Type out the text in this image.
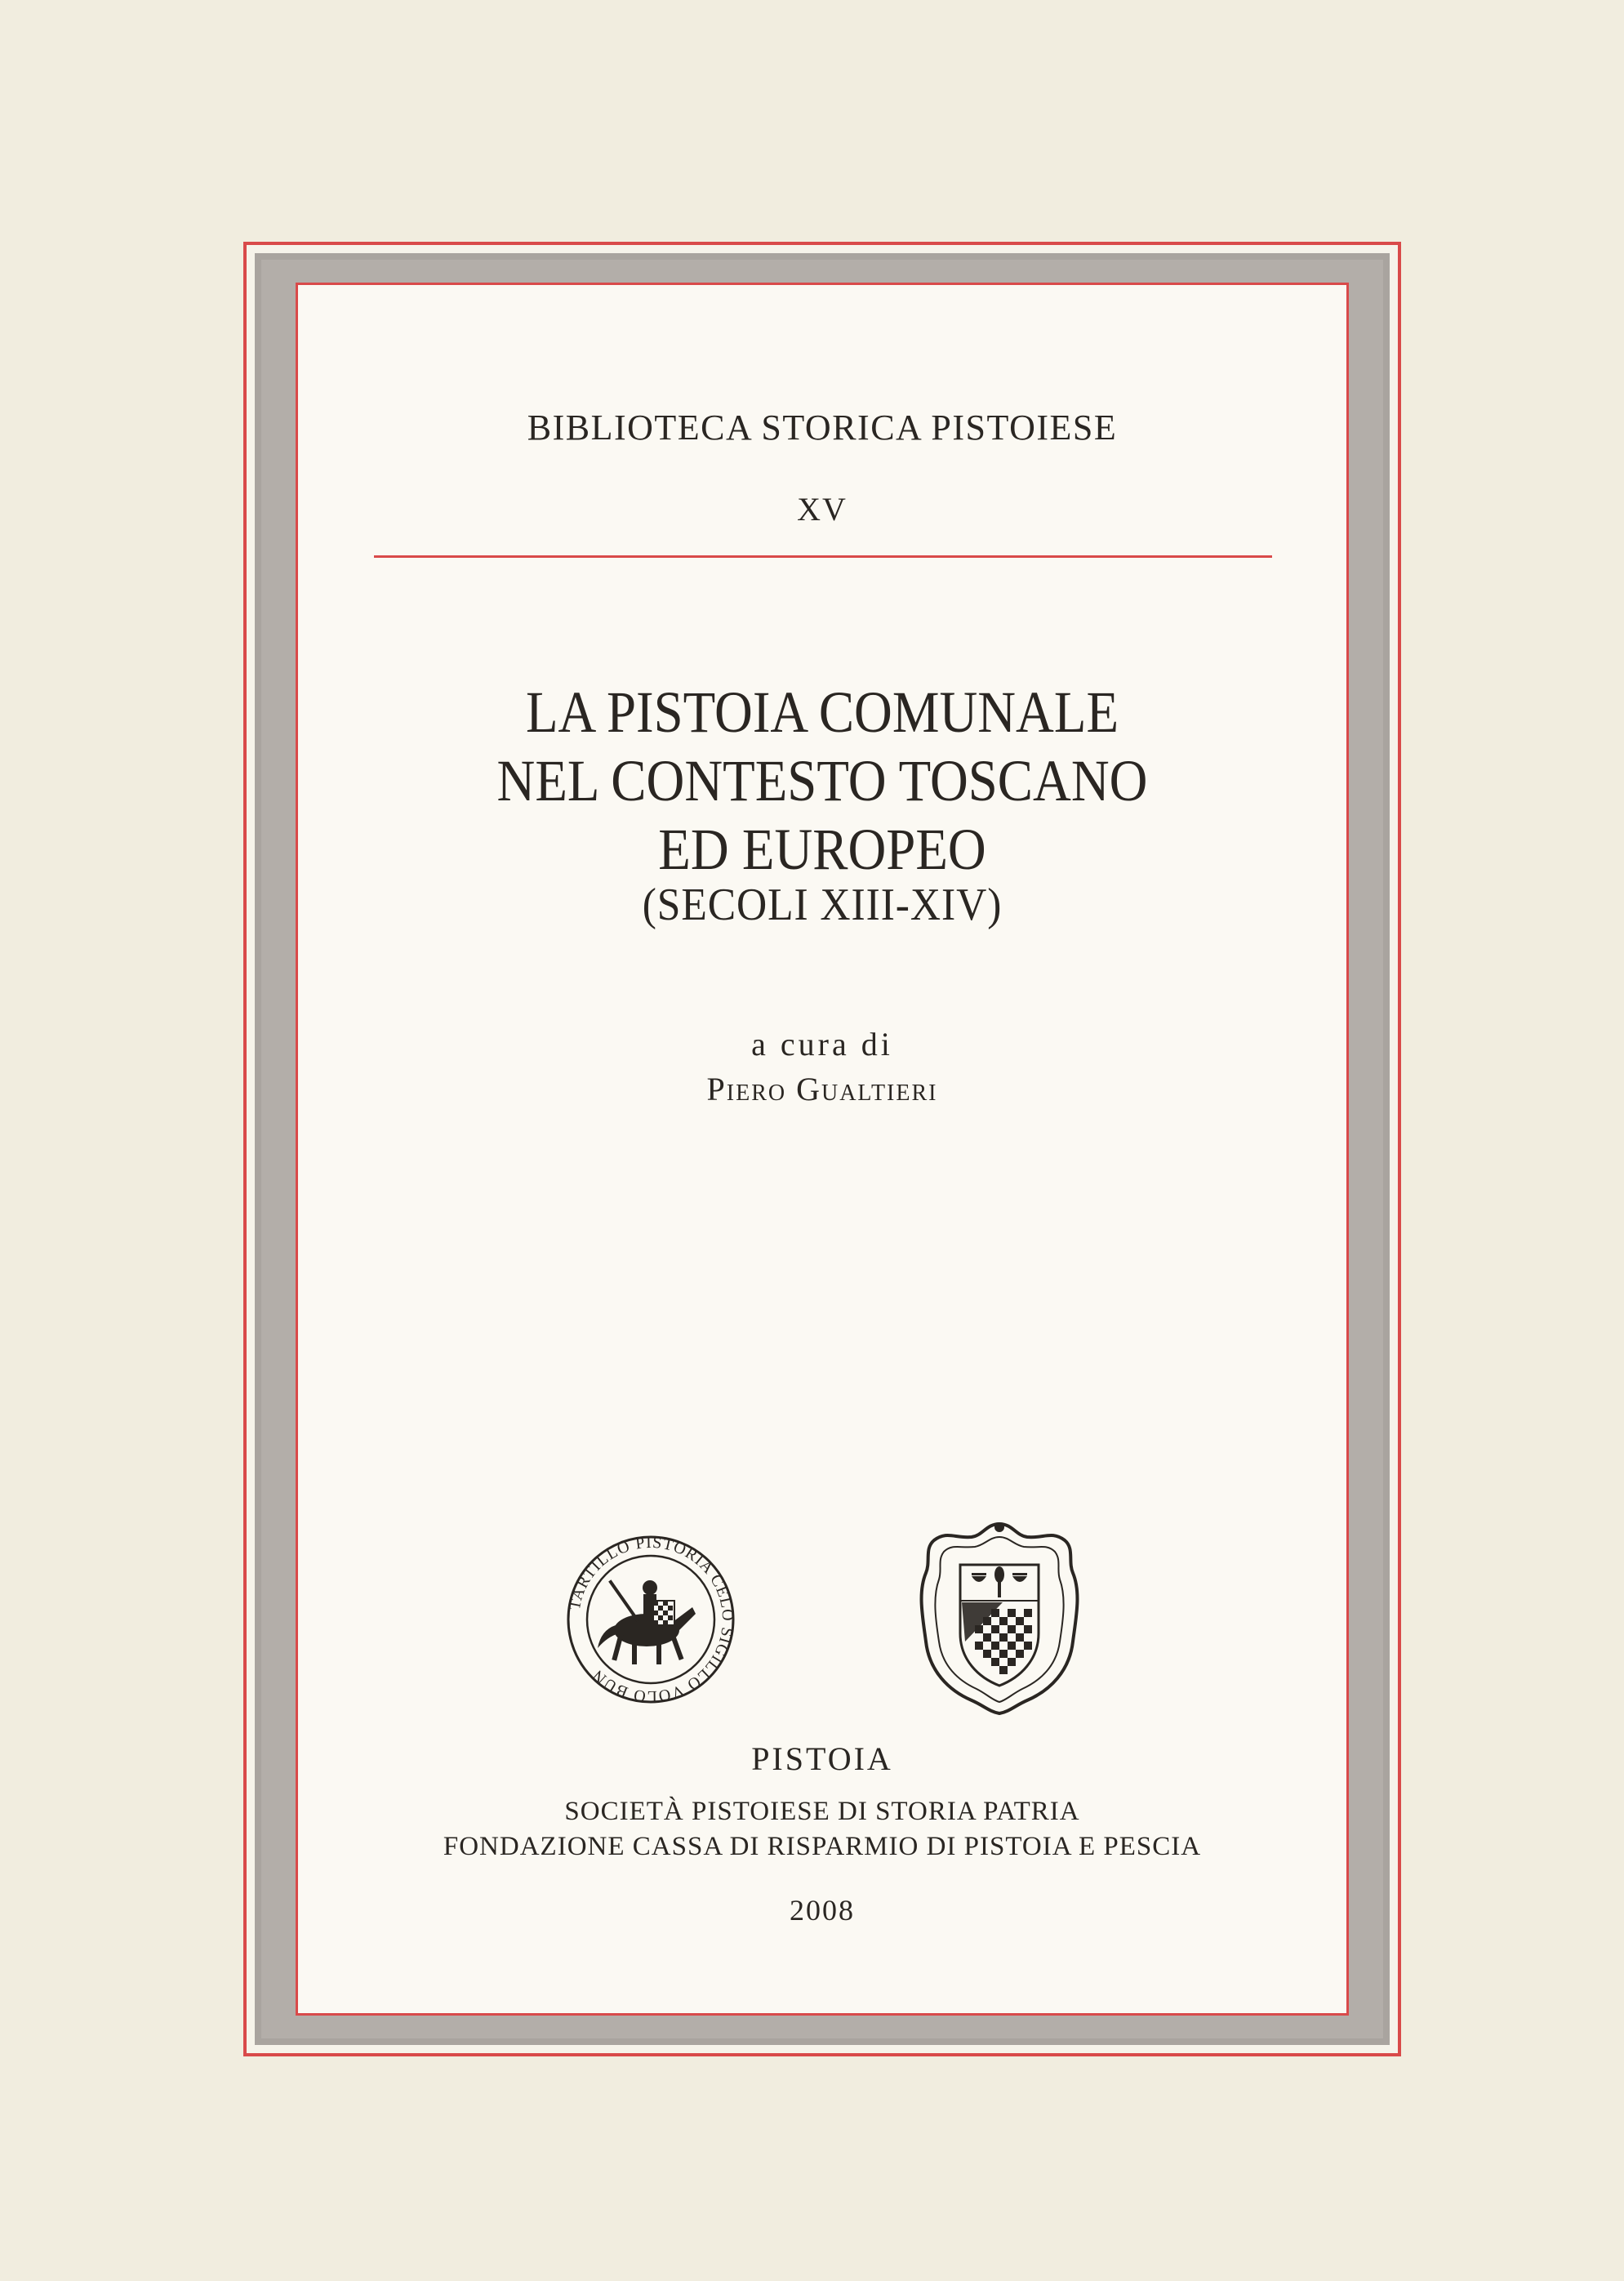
BIBLIOTECA STORICA PISTOIESE
XV
LA PISTOIA COMUNALE
NEL CONTESTO TOSCANO
ED EUROPEO
(SECOLI XIII-XIV)
a cura di
Piero Gualtieri
TARTILLO PISTORIA CELO SIGILLO VOLO BUN
PISTOIA
SOCIETÀ PISTOIESE DI STORIA PATRIA
FONDAZIONE CASSA DI RISPARMIO DI PISTOIA E PESCIA
2008
